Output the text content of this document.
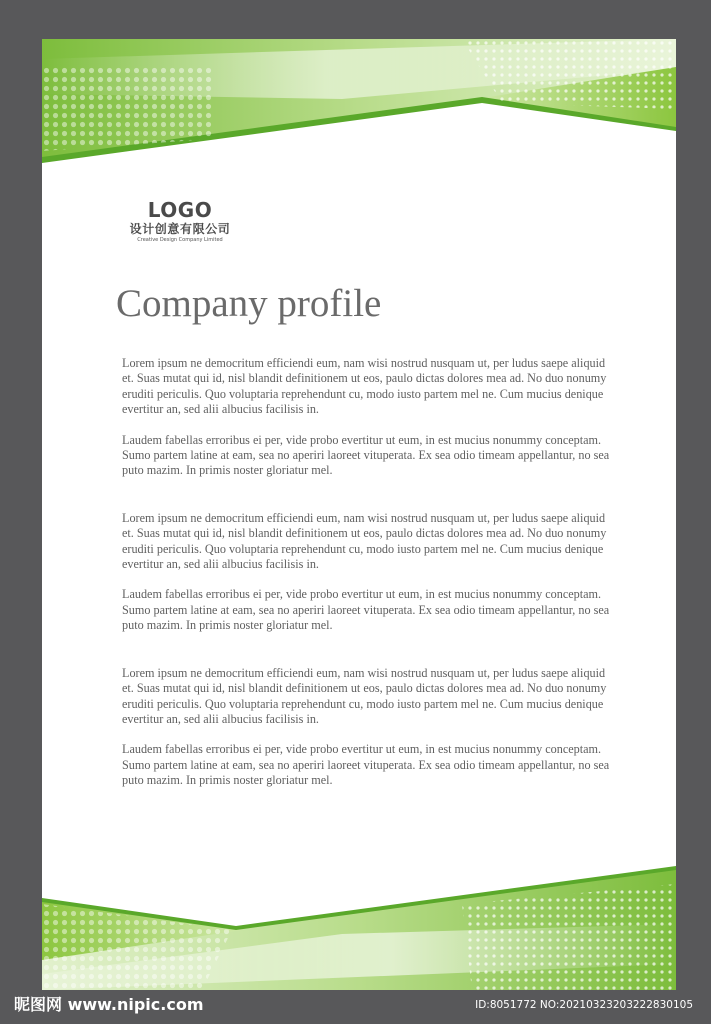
LOGO
设计创意有限公司
Creative Design Company Limited
Company profile

Lorem ipsum ne democritum efficiendi eum, nam wisi nostrud nusquam ut, per ludus saepe aliquid et. Suas mutat qui id, nisl blandit definitionem ut eos, paulo dictas dolores mea ad. No duo nonumy eruditi periculis. Quo voluptaria reprehendunt cu, modo iusto partem mel ne. Cum mucius denique evertitur an, sed alii albucius facilisis in.

Laudem fabellas erroribus ei per, vide probo evertitur ut eum, in est mucius nonummy conceptam. Sumo partem latine at eam, sea no aperiri laoreet vituperata. Ex sea odio timeam appellantur, no sea puto mazim. In primis noster gloriatur mel.

Lorem ipsum ne democritum efficiendi eum, nam wisi nostrud nusquam ut, per ludus saepe aliquid et. Suas mutat qui id, nisl blandit definitionem ut eos, paulo dictas dolores mea ad. No duo nonumy eruditi periculis. Quo voluptaria reprehendunt cu, modo iusto partem mel ne. Cum mucius denique evertitur an, sed alii albucius facilisis in.

Laudem fabellas erroribus ei per, vide probo evertitur ut eum, in est mucius nonummy conceptam. Sumo partem latine at eam, sea no aperiri laoreet vituperata. Ex sea odio timeam appellantur, no sea puto mazim. In primis noster gloriatur mel.

Lorem ipsum ne democritum efficiendi eum, nam wisi nostrud nusquam ut, per ludus saepe aliquid et. Suas mutat qui id, nisl blandit definitionem ut eos, paulo dictas dolores mea ad. No duo nonumy eruditi periculis. Quo voluptaria reprehendunt cu, modo iusto partem mel ne. Cum mucius denique evertitur an, sed alii albucius facilisis in.

Laudem fabellas erroribus ei per, vide probo evertitur ut eum, in est mucius nonummy conceptam. Sumo partem latine at eam, sea no aperiri laoreet vituperata. Ex sea odio timeam appellantur, no sea puto mazim. In primis noster gloriatur mel.

昵图网 www.nipic.com	ID:8051772 NO:20210323203222830105
